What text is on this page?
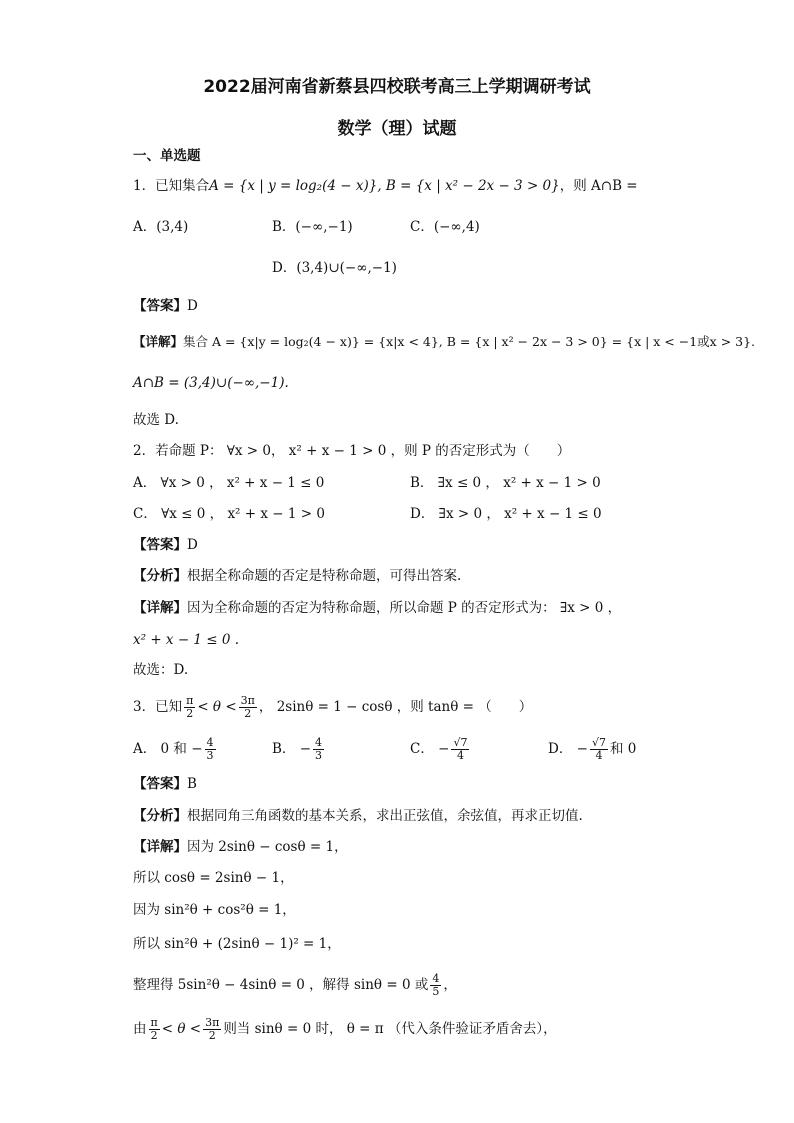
2022届河南省新蔡县四校联考高三上学期调研考试
数学（理）试题
一、单选题
1．已知集合A = {x | y = log₂(4 − x)}, B = {x | x² − 2x − 3 > 0}，则 A∩B =
A．(3,4)	B．(−∞,−1)	C．(−∞,4)
D．(3,4)∪(−∞,−1)
【答案】D
【详解】集合 A = {x|y = log₂(4 − x)} = {x|x < 4}, B = {x | x² − 2x − 3 > 0} = {x | x < −1或x > 3}.
A∩B = (3,4)∪(−∞,−1).
故选 D.
2．若命题 P： ∀x > 0， x² + x − 1 > 0 ，则 P 的否定形式为（　　）
A． ∀x > 0 ， x² + x − 1 ≤ 0	B． ∃x ≤ 0 ， x² + x − 1 > 0
C． ∀x ≤ 0 ， x² + x − 1 > 0	D． ∃x > 0 ， x² + x − 1 ≤ 0
【答案】D
【分析】根据全称命题的否定是特称命题，可得出答案.
【详解】因为全称命题的否定为特称命题，所以命题 P 的否定形式为： ∃x > 0 ，
x² + x − 1 ≤ 0 .
故选：D.
3．已知 $\frac{\pi}{2} < \theta < \frac{3\pi}{2}$ ， 2sinθ = 1 − cosθ ，则 tanθ = （　　）
A． 0 和 − $\frac{4}{3}$	B． − $\frac{4}{3}$	C． − $\frac{√7}{4}$	D． − $\frac{√7}{4}$ 和 0
【答案】B
【分析】根据同角三角函数的基本关系，求出正弦值，余弦值，再求正切值.
【详解】因为 2sinθ − cosθ = 1，
所以 cosθ = 2sinθ − 1，
因为 sin²θ + cos²θ = 1，
所以 sin²θ + (2sinθ − 1)² = 1，
整理得 5sin²θ − 4sinθ = 0 ，解得 sinθ = 0 或 $\frac{4}{5}$ ，
由 $\frac{\pi}{2} < \theta < \frac{3\pi}{2}$ 则当 sinθ = 0 时， θ = π （代入条件验证矛盾舍去），
